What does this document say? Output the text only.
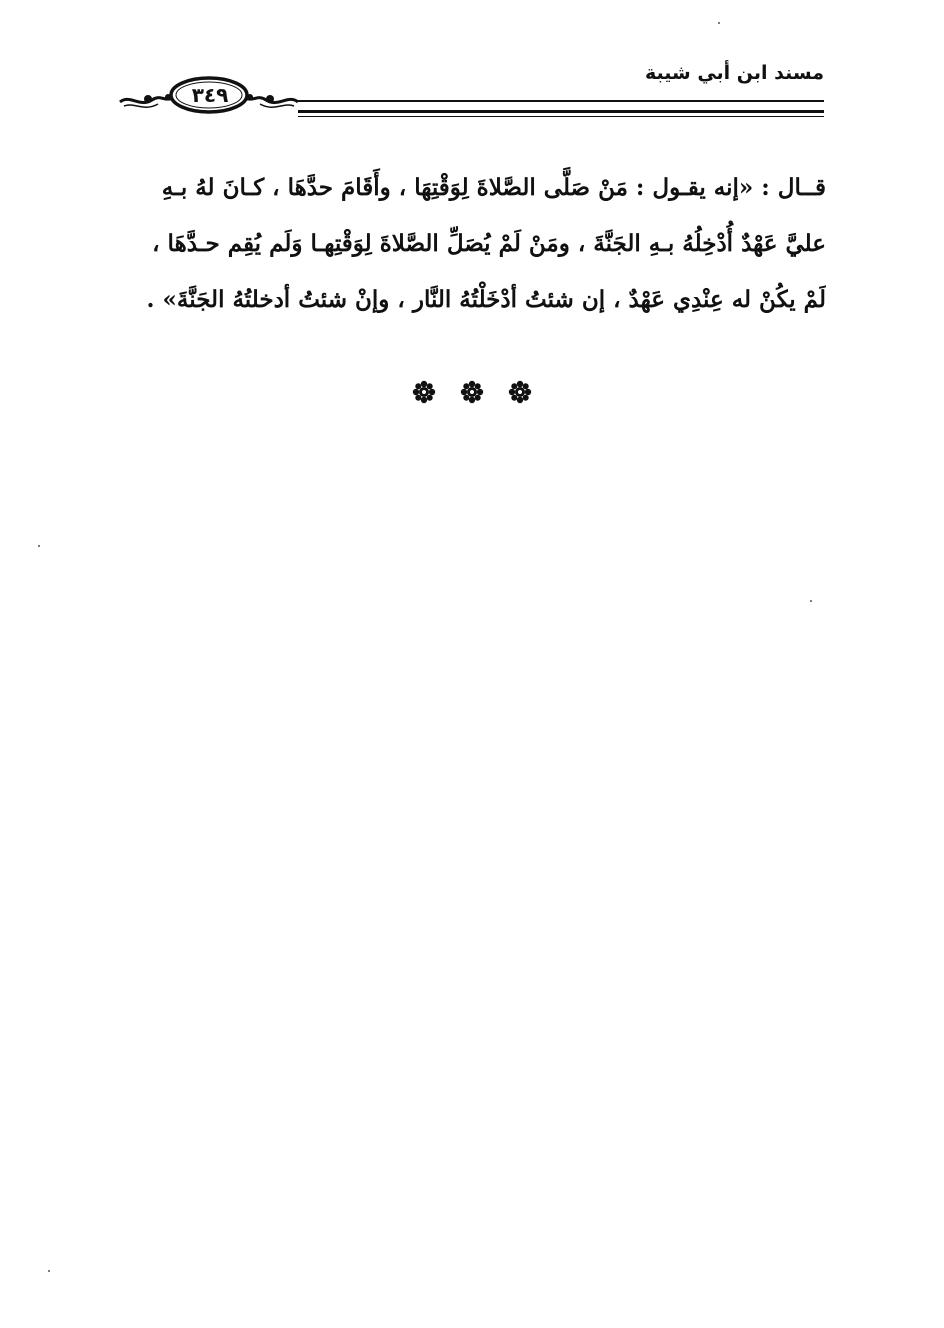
مسند ابن أبي شيبة
٣٤٩
قــال : «إنه يقـول : مَنْ صَلَّى الصَّلاةَ لِوَقْتِهَا ، وأَقَامَ حدَّهَا ، كـانَ لهُ بـهِ
عليَّ عَهْدٌ أُدْخِلُهُ بـهِ الجَنَّةَ ، ومَنْ لَمْ يُصَلِّ الصَّلاةَ لِوَقْتِهـا وَلَم يُقِم حـدَّهَا ،
لَمْ يكُنْ له عِنْدِي عَهْدٌ ، إن شئتُ أدْخَلْتُهُ النَّار ، وإنْ شئتُ أدخلتُهُ الجَنَّةَ» .
